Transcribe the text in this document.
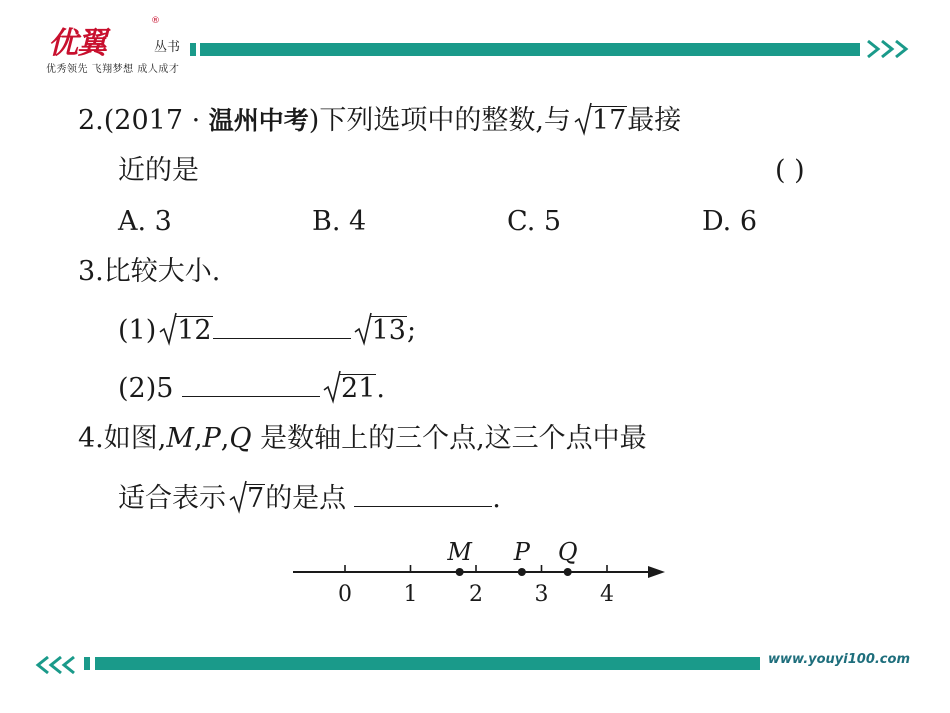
优翼
®
丛书
优秀领先 飞翔梦想 成人成才
2.(2017 · 温州中考)下列选项中的整数,与 17最接
近的是	( )
A. 3	B. 4	C. 5	D. 6
3.比较大小.
(1) 12	13;
(2)5	21.
4.如图,M,P,Q 是数轴上的三个点,这三个点中最
适合表示 7的是点	.
0 1 2 3 4
M P Q
www.youyi100.com
